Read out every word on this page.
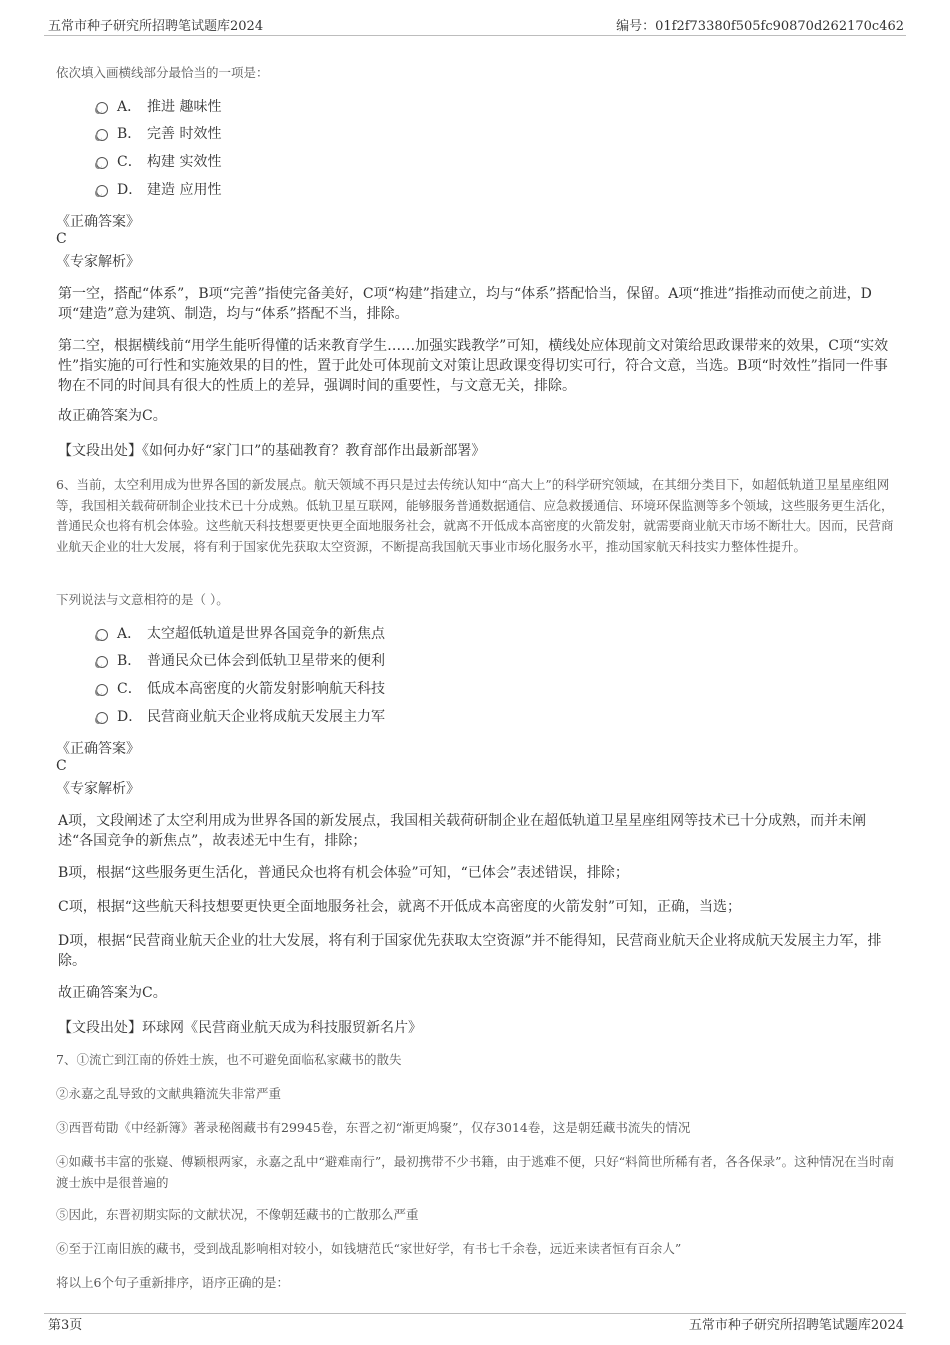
五常市种子研究所招聘笔试题库2024	编号：01f2f73380f505fc90870d262170c462
依次填入画横线部分最恰当的一项是：
A． 推进 趣味性
B． 完善 时效性
C． 构建 实效性
D． 建造 应用性
《正确答案》
C
《专家解析》
第一空，搭配“体系”，B项“完善”指使完备美好，C项“构建”指建立，均与“体系”搭配恰当，保留。A项“推进”指推动而使之前进，D项“建造”意为建筑、制造，均与“体系”搭配不当，排除。
第二空，根据横线前“用学生能听得懂的话来教育学生……加强实践教学”可知，横线处应体现前文对策给思政课带来的效果，C项“实效性”指实施的可行性和实施效果的目的性，置于此处可体现前文对策让思政课变得切实可行，符合文意，当选。B项“时效性”指同一件事物在不同的时间具有很大的性质上的差异，强调时间的重要性，与文意无关，排除。
故正确答案为C。
【文段出处】《如何办好“家门口”的基础教育？教育部作出最新部署》
6、当前，太空利用成为世界各国的新发展点。航天领域不再只是过去传统认知中“高大上”的科学研究领域，在其细分类目下，如超低轨道卫星星座组网等，我国相关载荷研制企业技术已十分成熟。低轨卫星互联网，能够服务普通数据通信、应急救援通信、环境环保监测等多个领域，这些服务更生活化，普通民众也将有机会体验。这些航天科技想要更快更全面地服务社会，就离不开低成本高密度的火箭发射，就需要商业航天市场不断壮大。因而，民营商业航天企业的壮大发展，将有利于国家优先获取太空资源，不断提高我国航天事业市场化服务水平，推动国家航天科技实力整体性提升。
下列说法与文意相符的是（ ）。
A． 太空超低轨道是世界各国竞争的新焦点
B． 普通民众已体会到低轨卫星带来的便利
C． 低成本高密度的火箭发射影响航天科技
D． 民营商业航天企业将成航天发展主力军
《正确答案》
C
《专家解析》
A项，文段阐述了太空利用成为世界各国的新发展点，我国相关载荷研制企业在超低轨道卫星星座组网等技术已十分成熟，而并未阐述“各国竞争的新焦点”，故表述无中生有，排除；
B项，根据“这些服务更生活化，普通民众也将有机会体验”可知，“已体会”表述错误，排除；
C项，根据“这些航天科技想要更快更全面地服务社会，就离不开低成本高密度的火箭发射”可知，正确，当选；
D项，根据“民营商业航天企业的壮大发展，将有利于国家优先获取太空资源”并不能得知，民营商业航天企业将成航天发展主力军，排除。
故正确答案为C。
【文段出处】环球网《民营商业航天成为科技服贸新名片》
7、①流亡到江南的侨姓士族，也不可避免面临私家藏书的散失
②永嘉之乱导致的文献典籍流失非常严重
③西晋荀勖《中经新簿》著录秘阁藏书有29945卷，东晋之初“渐更鸠聚”，仅存3014卷，这是朝廷藏书流失的情况
④如藏书丰富的张嶷、傅颖根两家，永嘉之乱中“避难南行”，最初携带不少书籍，由于逃难不便，只好“料简世所稀有者，各各保录”。这种情况在当时南渡士族中是很普遍的
⑤因此，东晋初期实际的文献状况，不像朝廷藏书的亡散那么严重
⑥至于江南旧族的藏书，受到战乱影响相对较小，如钱塘范氏“家世好学，有书七千余卷，远近来读者恒有百余人”
将以上6个句子重新排序，语序正确的是：
第3页	五常市种子研究所招聘笔试题库2024
